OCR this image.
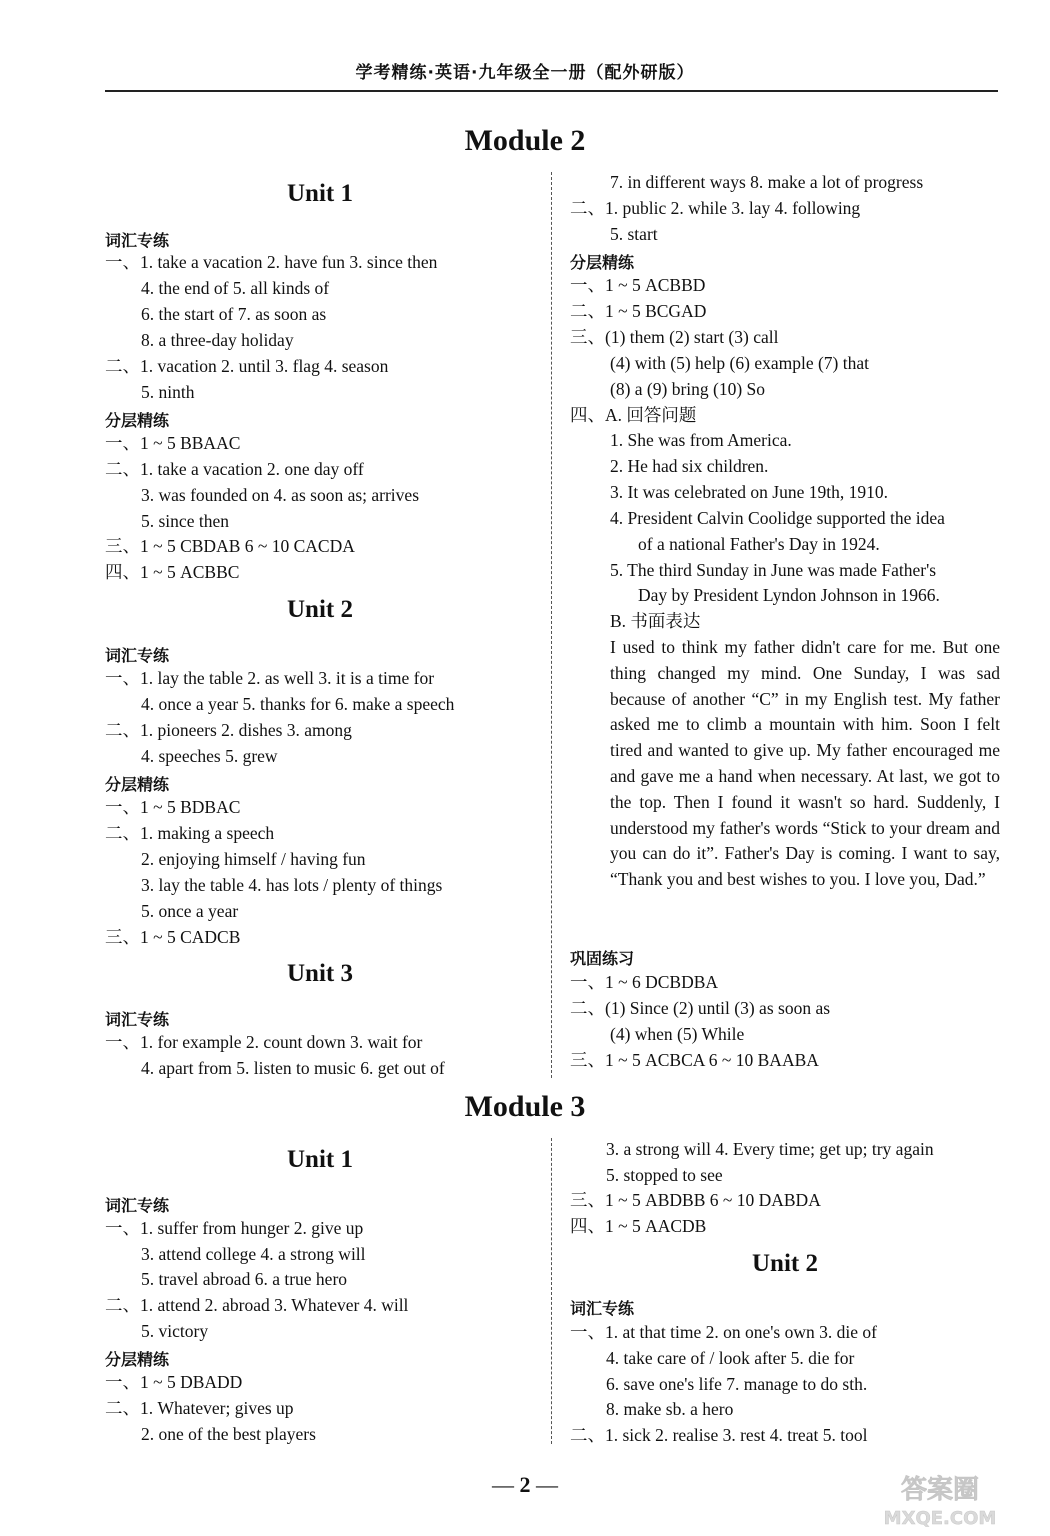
学考精练·英语·九年级全一册（配外研版）
Module 2
Unit 1
词汇专练
一、1. take a vacation 2. have fun 3. since then
4. the end of 5. all kinds of
6. the start of 7. as soon as
8. a three-day holiday
二、1. vacation 2. until 3. flag 4. season
5. ninth
分层精练
一、1 ~ 5 BBAAC
二、1. take a vacation 2. one day off
3. was founded on 4. as soon as; arrives
5. since then
三、1 ~ 5 CBDAB 6 ~ 10 CACDA
四、1 ~ 5 ACBBC
Unit 2
词汇专练
一、1. lay the table 2. as well 3. it is a time for
4. once a year 5. thanks for 6. make a speech
二、1. pioneers 2. dishes 3. among
4. speeches 5. grew
分层精练
一、1 ~ 5 BDBAC
二、1. making a speech
2. enjoying himself / having fun
3. lay the table 4. has lots / plenty of things
5. once a year
三、1 ~ 5 CADCB
Unit 3
词汇专练
一、1. for example 2. count down 3. wait for
4. apart from 5. listen to music 6. get out of
7. in different ways 8. make a lot of progress
二、1. public 2. while 3. lay 4. following
5. start
分层精练
一、1 ~ 5 ACBBD
二、1 ~ 5 BCGAD
三、(1) them (2) start (3) call
(4) with (5) help (6) example (7) that
(8) a (9) bring (10) So
四、A. 回答问题
1. She was from America.
2. He had six children.
3. It was celebrated on June 19th, 1910.
4. President Calvin Coolidge supported the idea
of a national Father's Day in 1924.
5. The third Sunday in June was made Father's
Day by President Lyndon Johnson in 1966.
B. 书面表达
I used to think my father didn't care for me. But one thing changed my mind. One Sunday, I was sad because of another “C” in my English test. My father asked me to climb a mountain with him. Soon I felt tired and wanted to give up. My father encouraged me and gave me a hand when necessary. At last, we got to the top. Then I found it wasn't so hard. Suddenly, I understood my father's words “Stick to your dream and you can do it”. Father's Day is coming. I want to say, “Thank you and best wishes to you. I love you, Dad.”
巩固练习
一、1 ~ 6 DCBDBA
二、(1) Since (2) until (3) as soon as
(4) when (5) While
三、1 ~ 5 ACBCA 6 ~ 10 BAABA
Module 3
Unit 1
词汇专练
一、1. suffer from hunger 2. give up
3. attend college 4. a strong will
5. travel abroad 6. a true hero
二、1. attend 2. abroad 3. Whatever 4. will
5. victory
分层精练
一、1 ~ 5 DBADD
二、1. Whatever; gives up
2. one of the best players
3. a strong will 4. Every time; get up; try again
5. stopped to see
三、1 ~ 5 ABDBB 6 ~ 10 DABDA
四、1 ~ 5 AACDB
Unit 2
词汇专练
一、1. at that time 2. on one's own 3. die of
4. take care of / look after 5. die for
6. save one's life 7. manage to do sth.
8. make sb. a hero
二、1. sick 2. realise 3. rest 4. treat 5. tool
— 2 —	答案圈
MXQE.COM
